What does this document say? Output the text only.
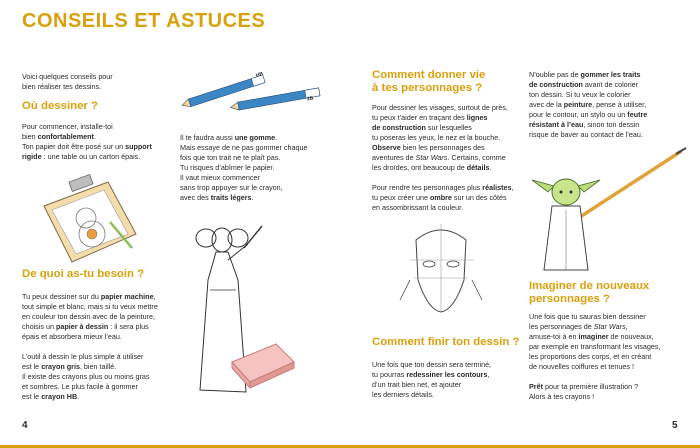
CONSEILS ET ASTUCES
Voici quelques conseils pour
bien réaliser tes dessins.
Où dessiner ?
Pour commencer, installe-toi
bien confortablement.
Ton papier doit être posé sur un support
rigide : une table ou un carton épais.
HB
2B
Il te faudra aussi une gomme.
Mais essaye de ne pas gommer chaque
fois que ton trait ne te plaît pas.
Tu risques d’abîmer le papier.
Il vaut mieux commencer
sans trop appuyer sur le crayon,
avec des traits légers.
De quoi as-tu besoin ?
Tu peux dessiner sur du papier machine,
tout simple et blanc, mais si tu veux mettre
en couleur ton dessin avec de la peinture,
choisis un papier à dessin : il sera plus
épais et absorbera mieux l’eau.

L’outil à dessin le plus simple à utiliser
est le crayon gris, bien taillé.
Il existe des crayons plus ou moins gras
et sombres. Le plus facile à gommer
est le crayon HB.
4
Comment donner vie
à tes personnages ?
Pour dessiner les visages, surtout de près,
tu peux t’aider en traçant des lignes
de construction sur lesquelles
tu poseras les yeux, le nez et la bouche.
Observe bien les personnages des
aventures de Star Wars. Certains, comme
les droïdes, ont beaucoup de détails.

Pour rendre tes personnages plus réalistes,
tu peux créer une ombre sur un des côtés
en assombrissant la couleur.
Comment finir ton dessin ?
Une fois que ton dessin sera terminé,
tu pourras redessiner les contours,
d’un trait bien net, et ajouter
les derniers détails.
N’oublie pas de gommer les traits
de construction avant de colorier
ton dessin. Si tu veux le colorier
avec de la peinture, pense à utiliser,
pour le contour, un stylo ou un feutre
résistant à l’eau, sinon ton dessin
risque de baver au contact de l’eau.
Imaginer de nouveaux
personnages ?
Une fois que tu sauras bien dessiner
les personnages de Star Wars,
amuse-toi à en imaginer de nouveaux,
par exemple en transformant les visages,
les proportions des corps, et en créant
de nouvelles coiffures et tenues !

Prêt pour ta première illustration ?
Alors à tes crayons !
5
